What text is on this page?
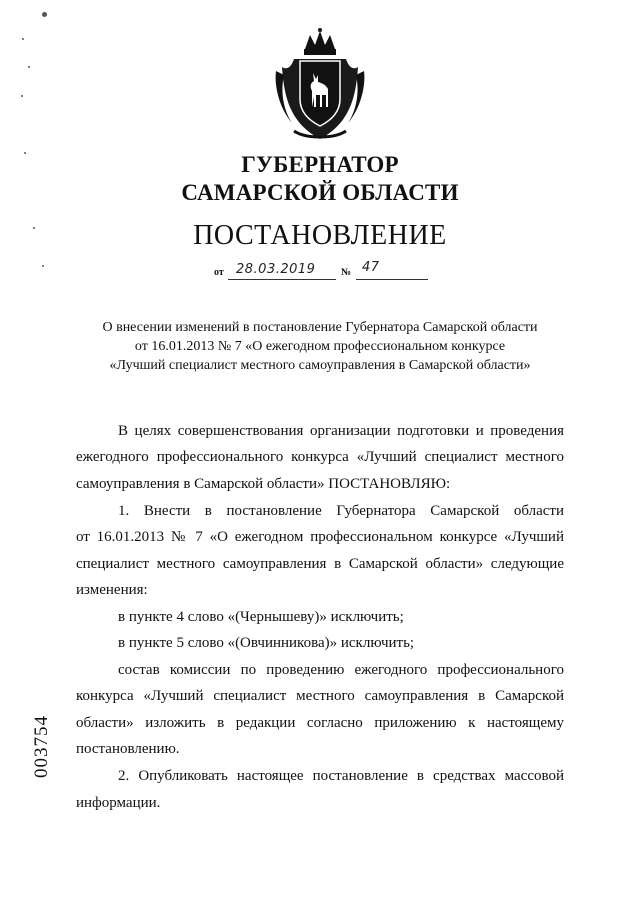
ГУБЕРНАТОР
САМАРСКОЙ ОБЛАСТИ
ПОСТАНОВЛЕНИЕ
от 28.03.2019	№ 47
О внесении изменений в постановление Губернатора Самарской области
от 16.01.2013 № 7 «О ежегодном профессиональном конкурсе
«Лучший специалист местного самоуправления в Самарской области»
В целях совершенствования организации подготовки и проведения
ежегодного профессионального конкурса «Лучший специалист местного
самоуправления в Самарской области» ПОСТАНОВЛЯЮ:
1. Внести в постановление Губернатора Самарской области
от 16.01.2013 № 7 «О ежегодном профессиональном конкурсе «Лучший
специалист местного самоуправления в Самарской области» следующие
изменения:
в пункте 4 слово «(Чернышеву)» исключить;
в пункте 5 слово «(Овчинникова)» исключить;
состав комиссии по проведению ежегодного профессионального
конкурса «Лучший специалист местного самоуправления в Самарской
области» изложить в редакции согласно приложению к настоящему
постановлению.
2. Опубликовать настоящее постановление в средствах массовой
информации.
003754
